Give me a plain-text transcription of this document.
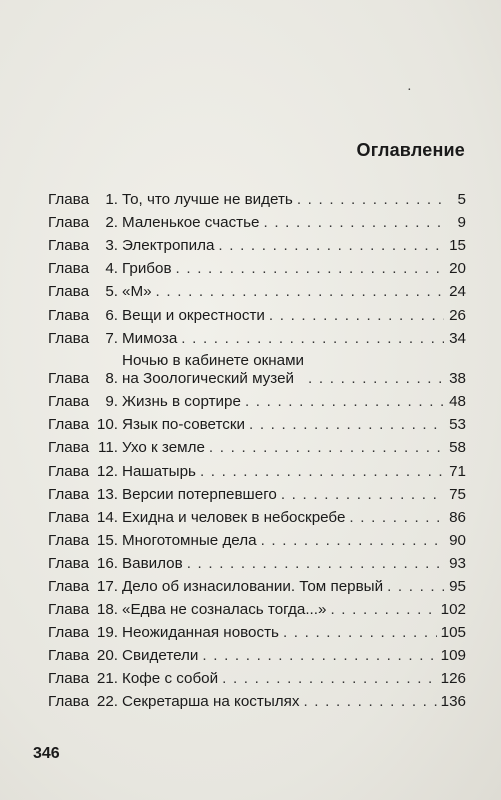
·
Оглавление
Глава	1. То, что лучше не видеть . . .	5
Глава	2. Маленькое счастье . . .	9
Глава	3. Электропила . . .	15
Глава	4. Грибов . . .	20
Глава	5. «М» . . .	24
Глава	6. Вещи и окрестности . . .	26
Глава	7. Мимоза . . .	34
Глава	8.
Ночью в кабинете окнами
на Зоологический музей . . .	38
Глава	9. Жизнь в сортире . . .	48
Глава 10. Язык по-советски . . .	53
Глава 11. Ухо к земле . . .	58
Глава 12. Нашатырь . . .	71
Глава 13. Версии потерпевшего . . .	75
Глава 14. Ехидна и человек в небоскребе . . .	86
Глава 15. Многотомные дела . . .	90
Глава 16. Вавилов . . .	93
Глава 17. Дело об изнасиловании. Том первый . . .	95
Глава 18. «Едва не созналась тогда...» . . .	102
Глава 19. Неожиданная новость . . .	105
Глава 20. Свидетели . . .	109
Глава 21. Кофе с собой . . .	126
Глава 22. Секретарша на костылях . . .	136
346
